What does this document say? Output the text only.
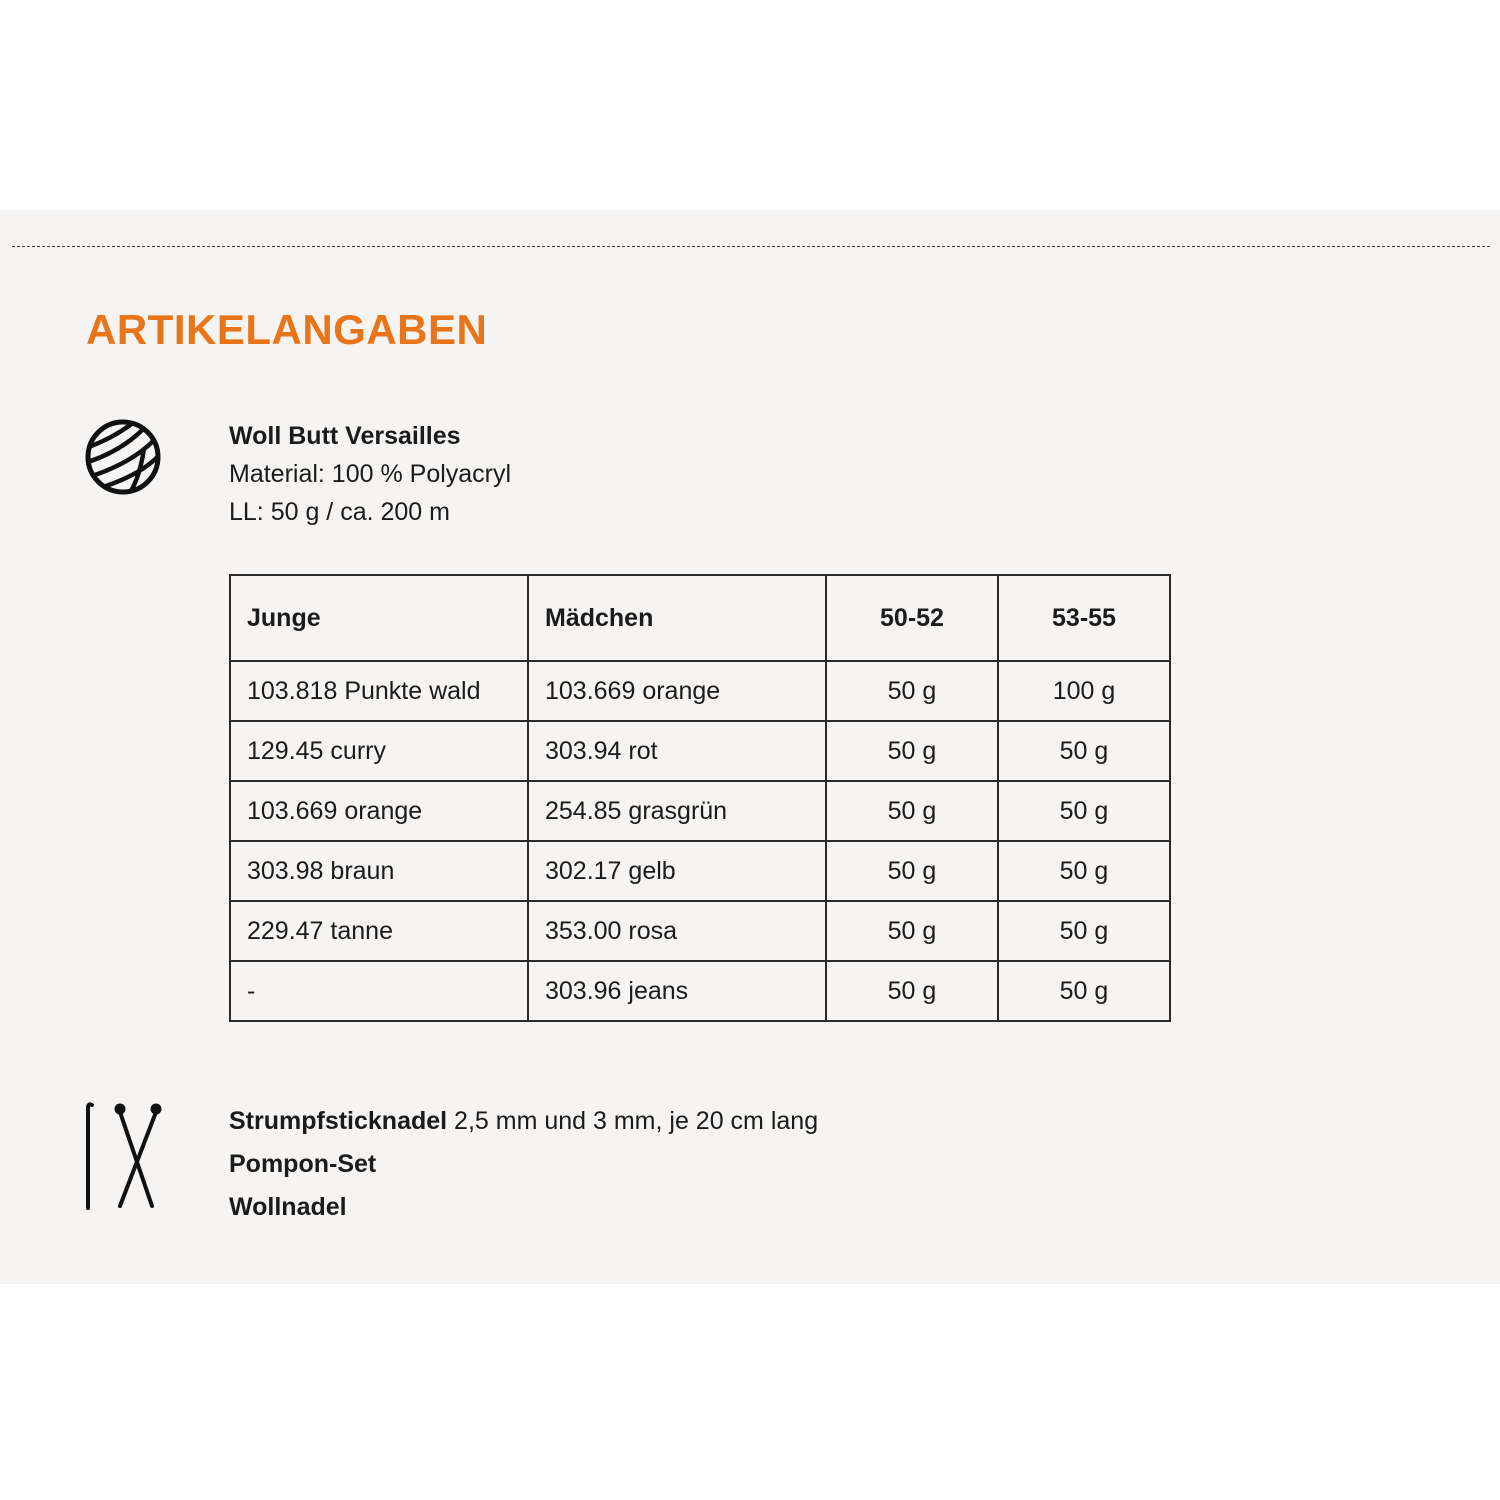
ARTIKELANGABEN
Woll Butt Versailles
Material: 100 % Polyacryl
LL: 50 g / ca. 200 m
Junge	Mädchen	50-52	53-55
103.818 Punkte wald	103.669 orange	50 g	100 g
129.45 curry	303.94 rot	50 g	50 g
103.669 orange	254.85 grasgrün	50 g	50 g
303.98 braun	302.17 gelb	50 g	50 g
229.47 tanne	353.00 rosa	50 g	50 g
-	303.96 jeans	50 g	50 g
Strumpfsticknadel 2,5 mm und 3 mm, je 20 cm lang
Pompon-Set
Wollnadel
